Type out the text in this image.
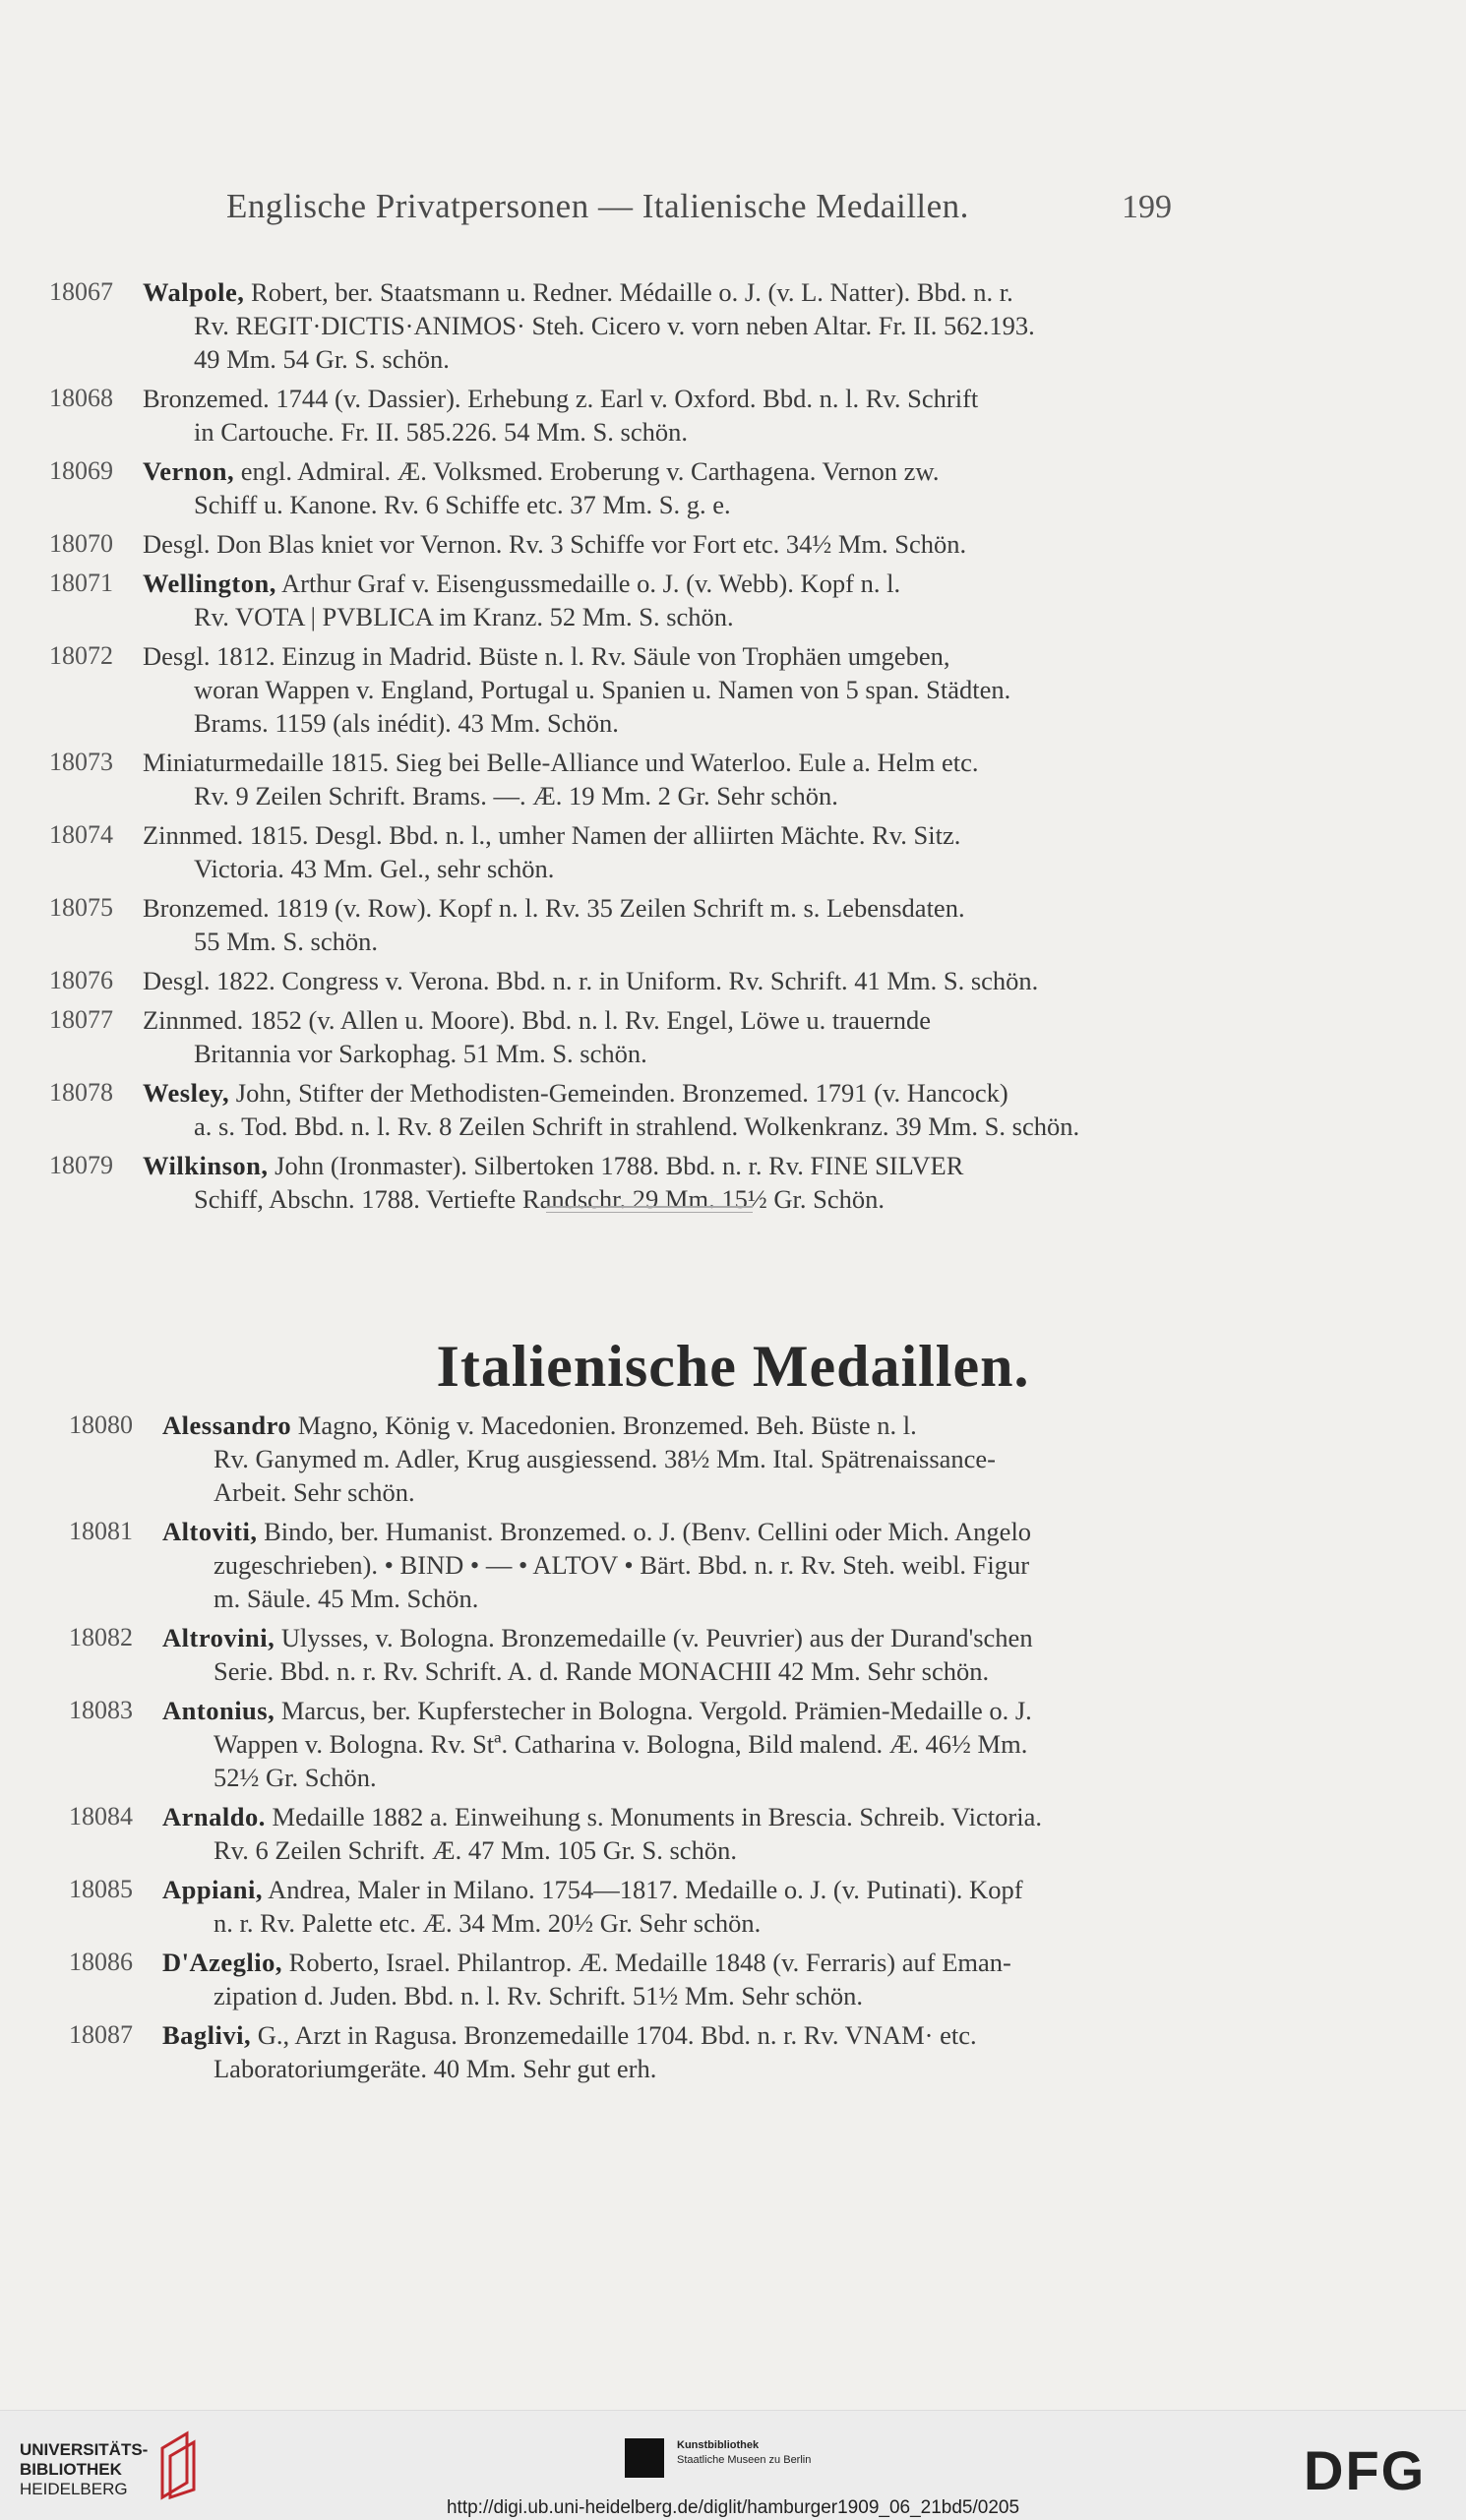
Englische Privatpersonen — Italienische Medaillen.	199
18067	Walpole, Robert, ber. Staatsmann u. Redner. Médaille o. J. (v. L. Natter). Bbd. n. r.
Rv. REGIT·DICTIS·ANIMOS· Steh. Cicero v. vorn neben Altar. Fr. II. 562.193.
49 Mm. 54 Gr. S. schön.
18068	Bronzemed. 1744 (v. Dassier). Erhebung z. Earl v. Oxford. Bbd. n. l. Rv. Schrift
in Cartouche. Fr. II. 585.226. 54 Mm. S. schön.
18069	Vernon, engl. Admiral. Æ. Volksmed. Eroberung v. Carthagena. Vernon zw.
Schiff u. Kanone. Rv. 6 Schiffe etc. 37 Mm. S. g. e.
18070	Desgl. Don Blas kniet vor Vernon. Rv. 3 Schiffe vor Fort etc. 34½ Mm. Schön.
18071	Wellington, Arthur Graf v. Eisengussmedaille o. J. (v. Webb). Kopf n. l.
Rv. VOTA | PVBLICA im Kranz. 52 Mm. S. schön.
18072	Desgl. 1812. Einzug in Madrid. Büste n. l. Rv. Säule von Trophäen umgeben,
woran Wappen v. England, Portugal u. Spanien u. Namen von 5 span. Städten.
Brams. 1159 (als inédit). 43 Mm. Schön.
18073	Miniaturmedaille 1815. Sieg bei Belle-Alliance und Waterloo. Eule a. Helm etc.
Rv. 9 Zeilen Schrift. Brams. —. Æ. 19 Mm. 2 Gr. Sehr schön.
18074	Zinnmed. 1815. Desgl. Bbd. n. l., umher Namen der alliirten Mächte. Rv. Sitz.
Victoria. 43 Mm. Gel., sehr schön.
18075	Bronzemed. 1819 (v. Row). Kopf n. l. Rv. 35 Zeilen Schrift m. s. Lebensdaten.
55 Mm. S. schön.
18076	Desgl. 1822. Congress v. Verona. Bbd. n. r. in Uniform. Rv. Schrift. 41 Mm. S. schön.
18077	Zinnmed. 1852 (v. Allen u. Moore). Bbd. n. l. Rv. Engel, Löwe u. trauernde
Britannia vor Sarkophag. 51 Mm. S. schön.
18078	Wesley, John, Stifter der Methodisten-Gemeinden. Bronzemed. 1791 (v. Hancock)
a. s. Tod. Bbd. n. l. Rv. 8 Zeilen Schrift in strahlend. Wolkenkranz. 39 Mm. S. schön.
18079	Wilkinson, John (Ironmaster). Silbertoken 1788. Bbd. n. r. Rv. FINE SILVER
Schiff, Abschn. 1788. Vertiefte Randschr. 29 Mm. 15½ Gr. Schön.
Italienische Medaillen.
18080	Alessandro Magno, König v. Macedonien. Bronzemed. Beh. Büste n. l.
Rv. Ganymed m. Adler, Krug ausgiessend. 38½ Mm. Ital. Spätrenaissance-
Arbeit. Sehr schön.
18081	Altoviti, Bindo, ber. Humanist. Bronzemed. o. J. (Benv. Cellini oder Mich. Angelo
zugeschrieben). • BIND • — • ALTOV • Bärt. Bbd. n. r. Rv. Steh. weibl. Figur
m. Säule. 45 Mm. Schön.
18082	Altrovini, Ulysses, v. Bologna. Bronzemedaille (v. Peuvrier) aus der Durand'schen
Serie. Bbd. n. r. Rv. Schrift. A. d. Rande MONACHII 42 Mm. Sehr schön.
18083	Antonius, Marcus, ber. Kupferstecher in Bologna. Vergold. Prämien-Medaille o. J.
Wappen v. Bologna. Rv. Stª. Catharina v. Bologna, Bild malend. Æ. 46½ Mm.
52½ Gr. Schön.
18084	Arnaldo. Medaille 1882 a. Einweihung s. Monuments in Brescia. Schreib. Victoria.
Rv. 6 Zeilen Schrift. Æ. 47 Mm. 105 Gr. S. schön.
18085	Appiani, Andrea, Maler in Milano. 1754—1817. Medaille o. J. (v. Putinati). Kopf
n. r. Rv. Palette etc. Æ. 34 Mm. 20½ Gr. Sehr schön.
18086	D'Azeglio, Roberto, Israel. Philantrop. Æ. Medaille 1848 (v. Ferraris) auf Eman-
zipation d. Juden. Bbd. n. l. Rv. Schrift. 51½ Mm. Sehr schön.
18087	Baglivi, G., Arzt in Ragusa. Bronzemedaille 1704. Bbd. n. r. Rv. VNAM· etc.
Laboratoriumgeräte. 40 Mm. Sehr gut erh.
UNIVERSITÄTS-
BIBLIOTHEK
HEIDELBERG
Kunstbibliothek
Staatliche Museen zu Berlin	DFG
http://digi.ub.uni-heidelberg.de/diglit/hamburger1909_06_21bd5/0205
